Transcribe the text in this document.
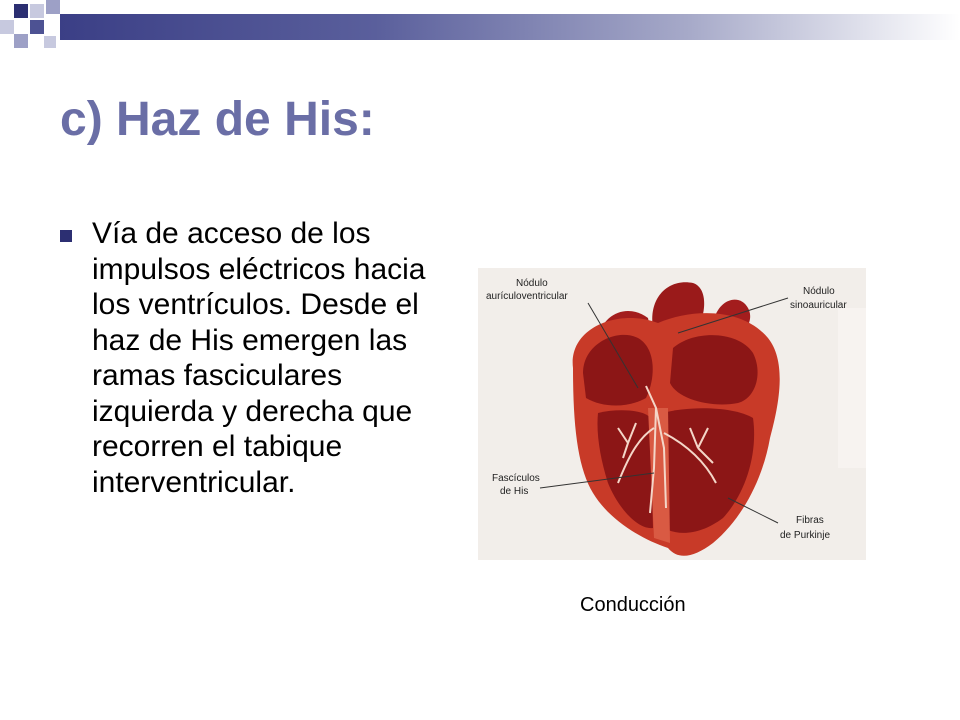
c) Haz de His:

Vía de acceso de los impulsos eléctricos hacia los ventrículos. Desde el haz de His emergen las ramas fasciculares izquierda y derecha que recorren el tabique interventricular.

Nódulo
aurículoventricular	Nódulo
sinoauricular
Fascículos
de His
Fibras
de Purkinje
Conducción
